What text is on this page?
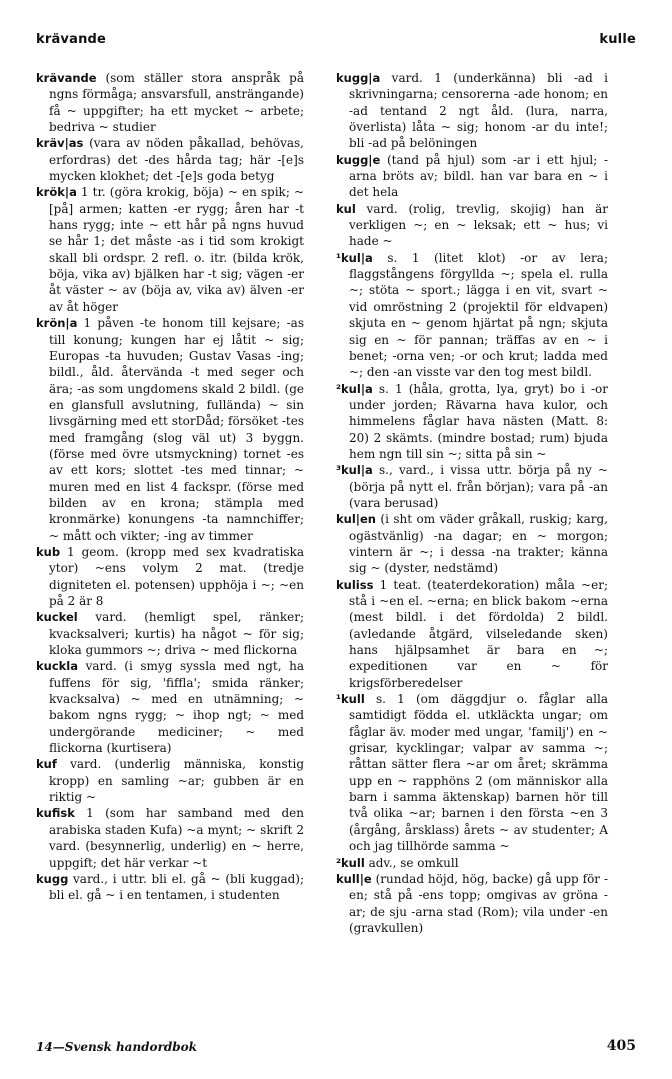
krävande	kulle

krävande (som ställer stora anspråk på ngns förmåga; ansvarsfull, ansträngande) få ~ uppgifter; ha ett mycket ~ arbete; bedriva ~ studier

kräv|as (vara av nöden påkallad, behövas, erfordras) det -des hårda tag; här -[e]s mycken klokhet; det -[e]s goda betyg

krök|a 1 tr. (göra krokig, böja) ~ en spik; ~ [på] armen; katten -er rygg; åren har -t hans rygg; inte ~ ett hår på ngns huvud se hår 1; det måste -as i tid som krokigt skall bli ordspr. 2 refl. o. itr. (bilda krök, böja, vika av) bjälken har -t sig; vägen -er åt väster ~ av (böja av, vika av) älven -er av åt höger

krön|a 1 påven -te honom till kejsare; -as till konung; kungen har ej låtit ~ sig; Europas -ta huvuden; Gustav Vasas -ing; bildl., åld. återvända -t med seger och ära; -as som ungdomens skald 2 bildl. (ge en glansfull avslutning, fullända) ~ sin livsgärning med ett storDåd; försöket -tes med framgång (slog väl ut) 3 byggn. (förse med övre utsmyckning) tornet -es av ett kors; slottet -tes med tinnar; ~ muren med en list 4 fackspr. (förse med bilden av en krona; stämpla med kronmärke) konungens -ta namnchiffer; ~ mått och vikter; -ing av timmer

kub 1 geom. (kropp med sex kvadratiska ytor) ~ens volym 2 mat. (tredje digniteten el. potensen) upphöja i ~; ~en på 2 är 8

kuckel vard. (hemligt spel, ränker; kvacksalveri; kurtis) ha något ~ för sig; kloka gummors ~; driva ~ med flickorna

kuckla vard. (i smyg syssla med ngt, ha fuffens för sig, 'fiffla'; smida ränker; kvacksalva) ~ med en utnämning; ~ bakom ngns rygg; ~ ihop ngt; ~ med undergörande mediciner; ~ med flickorna (kurtisera)

kuf vard. (underlig människa, konstig kropp) en samling ~ar; gubben är en riktig ~

kufisk 1 (som har samband med den arabiska staden Kufa) ~a mynt; ~ skrift 2 vard. (besynnerlig, underlig) en ~ herre, uppgift; det här verkar ~t

kugg vard., i uttr. bli el. gå ~ (bli kuggad); bli el. gå ~ i en tentamen, i studenten

kugg|a vard. 1 (underkänna) bli -ad i skrivningarna; censorerna -ade honom; en -ad tentand 2 ngt åld. (lura, narra, överlista) låta ~ sig; honom -ar du inte!; bli -ad på belöningen

kugg|e (tand på hjul) som -ar i ett hjul; -arna bröts av; bildl. han var bara en ~ i det hela

kul vard. (rolig, trevlig, skojig) han är verkligen ~; en ~ leksak; ett ~ hus; vi hade ~

¹kul|a s. 1 (litet klot) -or av lera; flaggstångens förgyllda ~; spela el. rulla ~; stöta ~ sport.; lägga i en vit, svart ~ vid omröstning 2 (projektil för eldvapen) skjuta en ~ genom hjärtat på ngn; skjuta sig en ~ för pannan; träffas av en ~ i benet; -orna ven; -or och krut; ladda med ~; den -an visste var den tog mest bildl.

²kul|a s. 1 (håla, grotta, lya, gryt) bo i -or under jorden; Rävarna hava kulor, och himmelens fåglar hava nästen (Matt. 8: 20) 2 skämts. (mindre bostad; rum) bjuda hem ngn till sin ~; sitta på sin ~

³kul|a s., vard., i vissa uttr. börja på ny ~ (börja på nytt el. från början); vara på -an (vara berusad)

kul|en (i sht om väder gråkall, ruskig; karg, ogästvänlig) -na dagar; en ~ morgon; vintern är ~; i dessa -na trakter; känna sig ~ (dyster, nedstämd)

kuliss 1 teat. (teaterdekoration) måla ~er; stå i ~en el. ~erna; en blick bakom ~erna (mest bildl. i det fördolda) 2 bildl. (avledande åtgärd, vilseledande sken) hans hjälpsamhet är bara en ~; expeditionen var en ~ för krigsförberedelser

¹kull s. 1 (om däggdjur o. fåglar alla samtidigt födda el. utkläckta ungar; om fåglar äv. moder med ungar, 'familj') en ~ grisar, kycklingar; valpar av samma ~; råttan sätter flera ~ar om året; skrämma upp en ~ rapphöns 2 (om människor alla barn i samma äktenskap) barnen hör till två olika ~ar; barnen i den första ~en 3 (årgång, årsklass) årets ~ av studenter; A och jag tillhörde samma ~

²kull adv., se omkull

kull|e (rundad höjd, hög, backe) gå upp för -en; stå på -ens topp; omgivas av gröna -ar; de sju -arna stad (Rom); vila under -en (gravkullen)

14—Svensk handordbok	405
